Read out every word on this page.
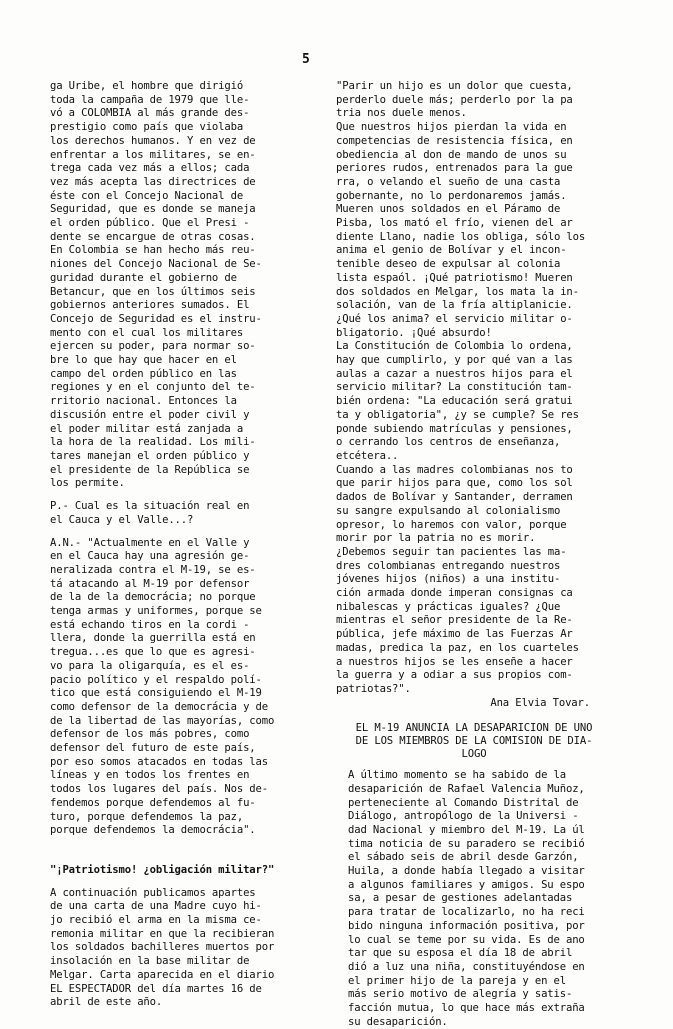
5

ga Uribe, el hombre que dirigió
toda la campaña de 1979 que lle-
vó a COLOMBIA al más grande des-
prestigio como país que violaba
los derechos humanos. Y en vez de
enfrentar a los militares, se en-
trega cada vez más a ellos; cada
vez más acepta las directrices de
éste con el Concejo Nacional de
Seguridad, que es donde se maneja
el orden público. Que el Presi -
dente se encargue de otras cosas.
En Colombia se han hecho más reu-
niones del Concejo Nacional de Se-
guridad durante el gobierno de
Betancur, que en los últimos seis
gobiernos anteriores sumados. El
Concejo de Seguridad es el instru-
mento con el cual los militares
ejercen su poder, para normar so-
bre lo que hay que hacer en el
campo del orden público en las
regiones y en el conjunto del te-
rritorio nacional. Entonces la
discusión entre el poder civil y
el poder militar está zanjada a
la hora de la realidad. Los mili-
tares manejan el orden público y
el presidente de la República se
los permite.

P.- Cual es la situación real en
el Cauca y el Valle...?

A.N.- "Actualmente en el Valle y
en el Cauca hay una agresión ge-
neralizada contra el M-19, se es-
tá atacando al M-19 por defensor
de la de la democrácia; no porque
tenga armas y uniformes, porque se
está echando tiros en la cordi -
llera, donde la guerrilla está en
tregua...es que lo que es agresi-
vo para la oligarquía, es el es-
pacio político y el respaldo polí-
tico que está consiguiendo el M-19
como defensor de la democrácia y de
de la libertad de las mayorías, como
defensor de los más pobres, como
defensor del futuro de este país,
por eso somos atacados en todas las
líneas y en todos los frentes en
todos los lugares del país. Nos de-
fendemos porque defendemos al fu-
turo, porque defendemos la paz,
porque defendemos la democrácia".

"¡Patriotismo! ¿obligación militar?"

A continuación publicamos apartes
de una carta de una Madre cuyo hi-
jo recibió el arma en la misma ce-
remonia militar en que la recibieran
los soldados bachilleres muertos por
insolación en la base militar de
Melgar. Carta aparecida en el diario
EL ESPECTADOR del día martes 16 de
abril de este año.

"Parir un hijo es un dolor que cuesta,
perderlo duele más; perderlo por la pa
tria nos duele menos.
Que nuestros hijos pierdan la vida en
competencias de resistencia física, en
obediencia al don de mando de unos su
periores rudos, entrenados para la gue
rra, o velando el sueño de una casta
gobernante, no lo perdonaremos jamás.
Mueren unos soldados en el Páramo de
Pisba, los mató el frío, vienen del ar
diente Llano, nadie los obliga, sólo los
anima el genio de Bolívar y el incon-
tenible deseo de expulsar al colonia
lista espaól. ¡Qué patriotismo! Mueren
dos soldados en Melgar, los mata la in-
solación, van de la fría altiplanicie.
¿Qué los anima? el servicio militar o-
bligatorio. ¡Qué absurdo!
La Constitución de Colombia lo ordena,
hay que cumplirlo, y por qué van a las
aulas a cazar a nuestros hijos para el
servicio militar? La constitución tam-
bién ordena: "La educación será gratui
ta y obligatoria", ¿y se cumple? Se res
ponde subiendo matrículas y pensiones,
o cerrando los centros de enseñanza,
etcétera..
Cuando a las madres colombianas nos to
que parir hijos para que, como los sol
dados de Bolívar y Santander, derramen
su sangre expulsando al colonialismo
opresor, lo haremos con valor, porque
morir por la patria no es morir.
¿Debemos seguir tan pacientes las ma-
dres colombianas entregando nuestros
jóvenes hijos (niños) a una institu-
ción armada donde imperan consignas ca
nibalescas y prácticas iguales? ¿Que
mientras el señor presidente de la Re-
pública, jefe máximo de las Fuerzas Ar
madas, predica la paz, en los cuarteles
a nuestros hijos se les enseñe a hacer
la guerra y a odiar a sus propios com-
patriotas?".

Ana Elvia Tovar.

EL M-19 ANUNCIA LA DESAPARICION DE UNO
DE LOS MIEMBROS DE LA COMISION DE DIA-
LOGO

A último momento se ha sabido de la
desaparición de Rafael Valencia Muñoz,
perteneciente al Comando Distrital de
Diálogo, antropólogo de la Universi -
dad Nacional y miembro del M-19. La úl
tima noticia de su paradero se recibió
el sábado seis de abril desde Garzón,
Huila, a donde había llegado a visitar
a algunos familiares y amigos. Su espo
sa, a pesar de gestiones adelantadas
para tratar de localizarlo, no ha reci
bido ninguna información positiva, por
lo cual se teme por su vida. Es de ano
tar que su esposa el día 18 de abril
dió a luz una niña, constituyéndose en
el primer hijo de la pareja y en el
más serio motivo de alegría y satis-
facción mutua, lo que hace más extraña
su desaparición.
